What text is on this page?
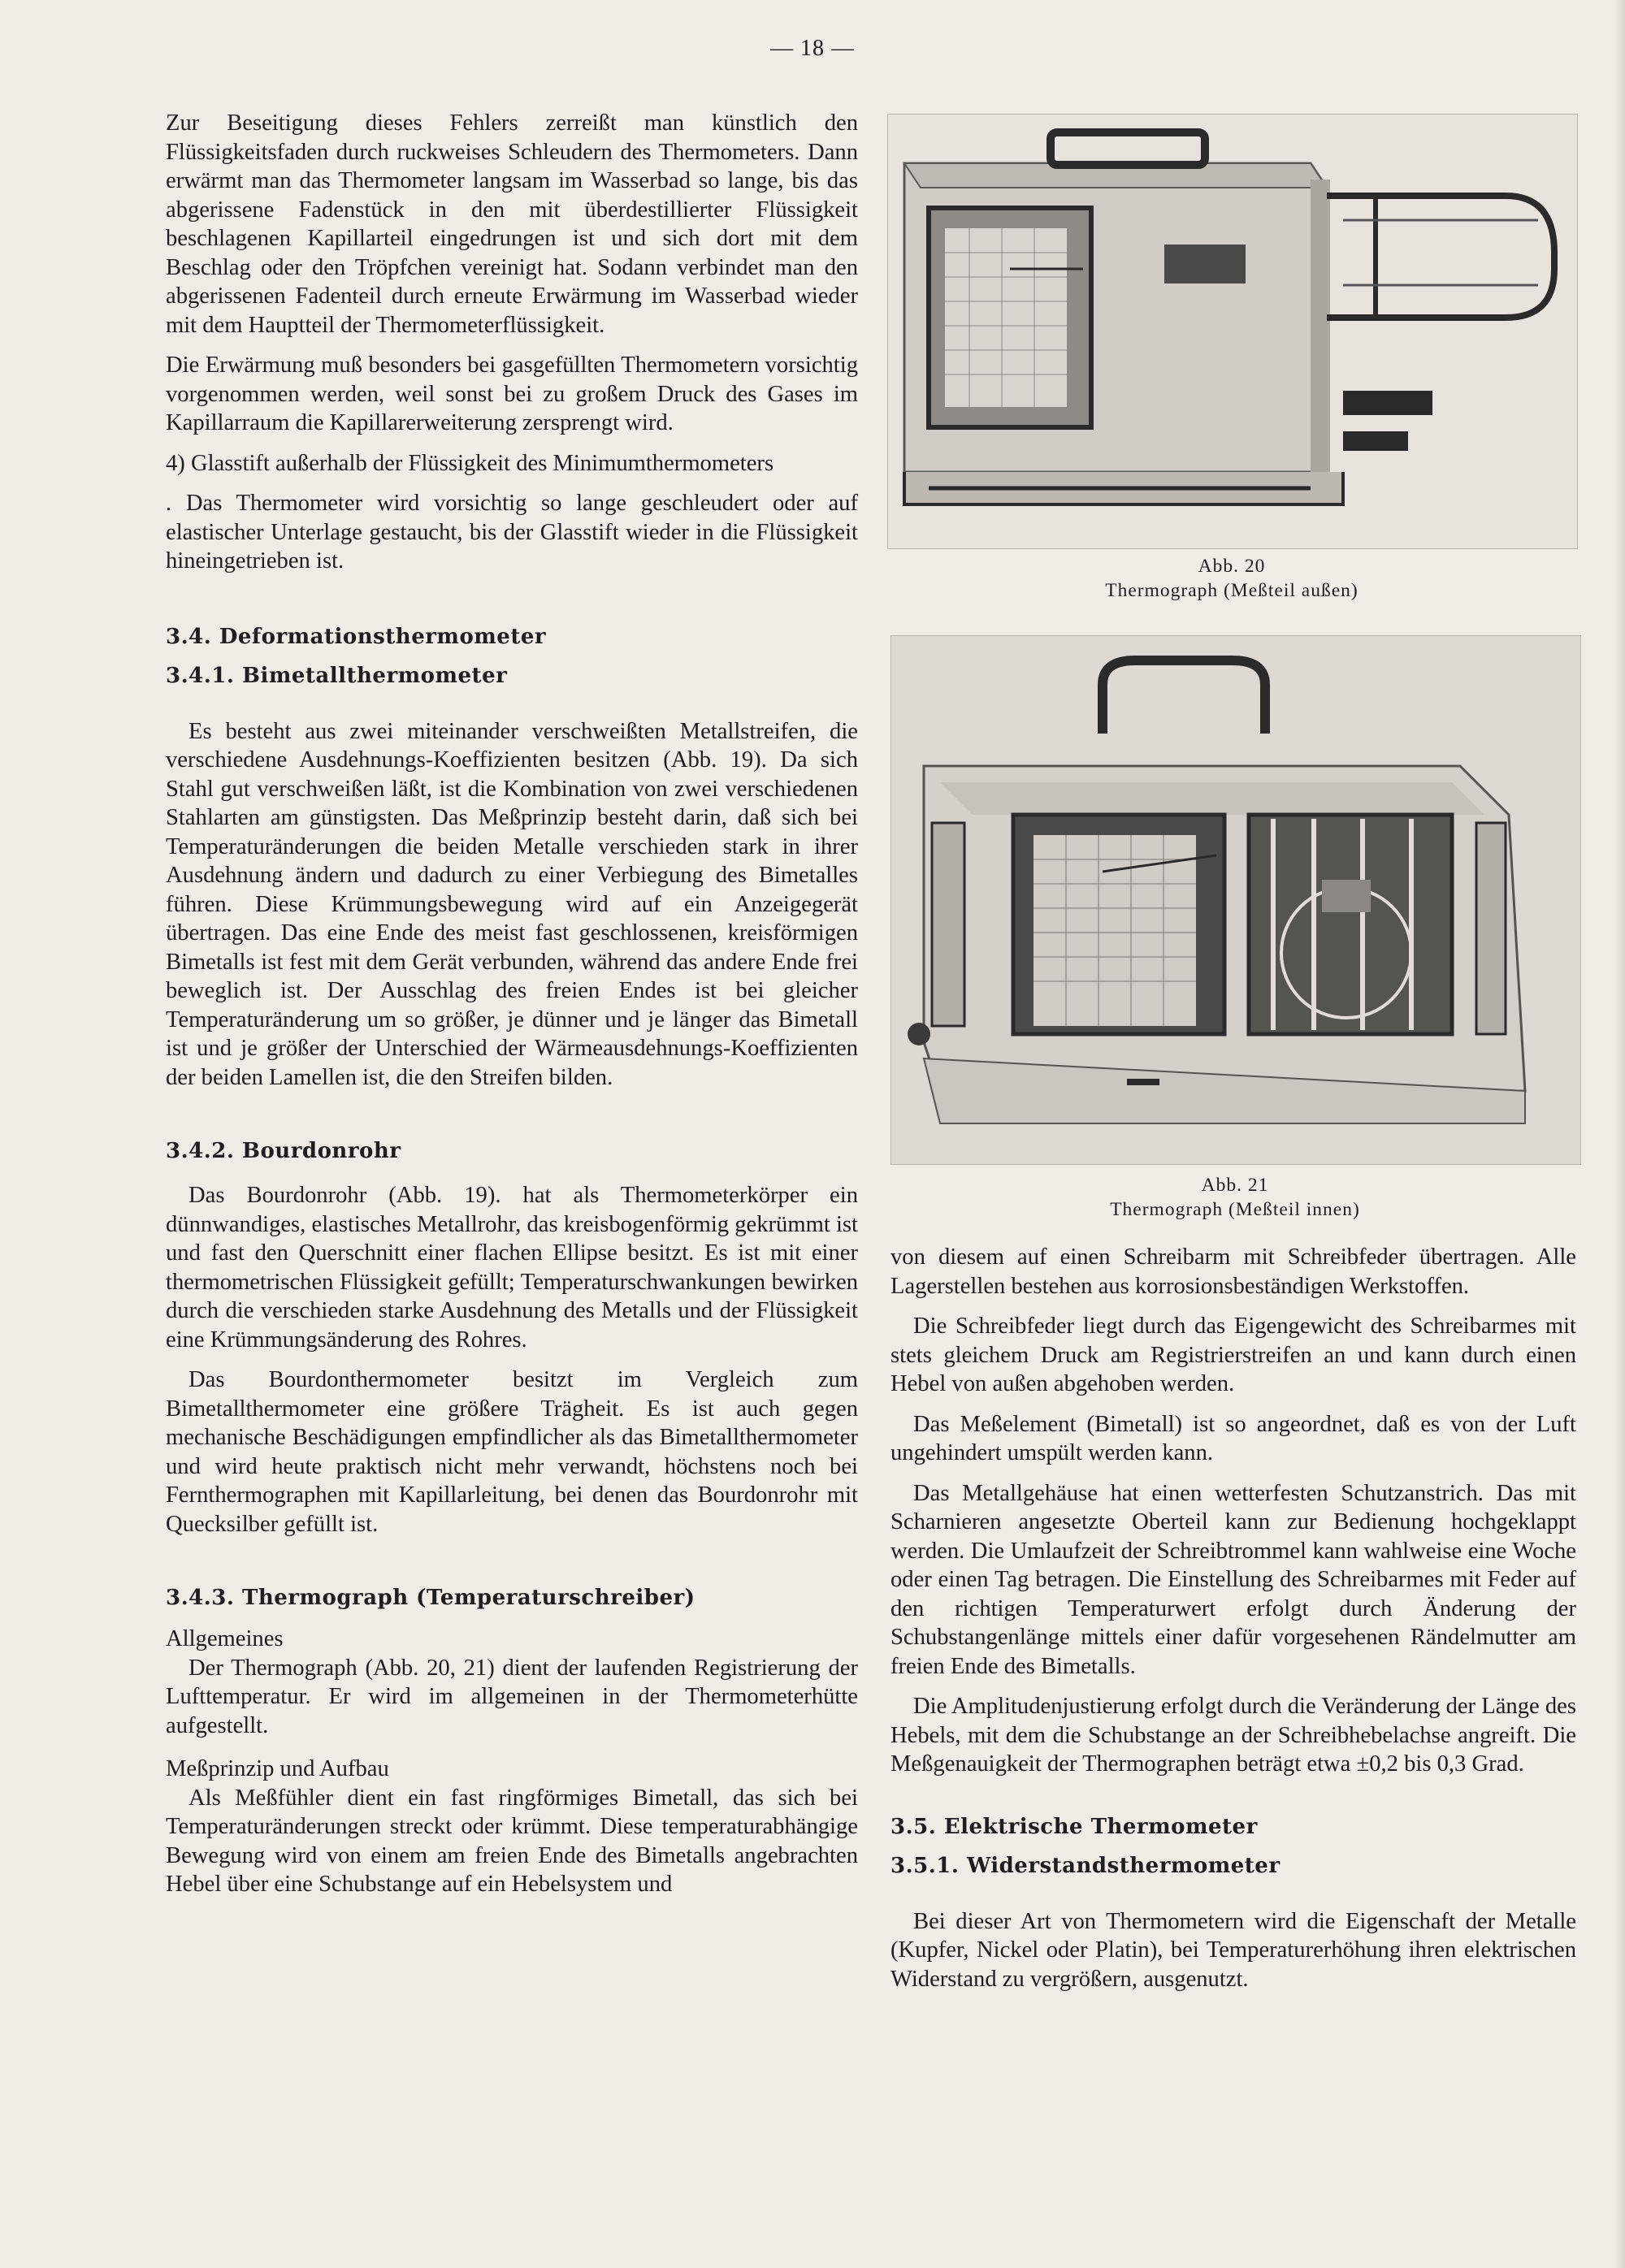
— 18 —

Zur Beseitigung dieses Fehlers zerreißt man künstlich den Flüssigkeitsfaden durch ruckweises Schleudern des Thermometers. Dann erwärmt man das Thermometer langsam im Wasserbad so lange, bis das abgerissene Fadenstück in den mit überdestillierter Flüssigkeit beschlagenen Kapillarteil eingedrungen ist und sich dort mit dem Beschlag oder den Tröpfchen vereinigt hat. Sodann verbindet man den abgerissenen Fadenteil durch erneute Erwärmung im Wasserbad wieder mit dem Hauptteil der Thermometerflüssigkeit.

Die Erwärmung muß besonders bei gasgefüllten Thermometern vorsichtig vorgenommen werden, weil sonst bei zu großem Druck des Gases im Kapillarraum die Kapillarerweiterung zersprengt wird.

4) Glasstift außerhalb der Flüssigkeit des Minimumthermometers

. Das Thermometer wird vorsichtig so lange geschleudert oder auf elastischer Unterlage gestaucht, bis der Glasstift wieder in die Flüssigkeit hineingetrieben ist.

3.4. Deformationsthermometer
3.4.1. Bimetallthermometer

Es besteht aus zwei miteinander verschweißten Metallstreifen, die verschiedene Ausdehnungs-Koeffizienten besitzen (Abb. 19). Da sich Stahl gut verschweißen läßt, ist die Kombination von zwei verschiedenen Stahlarten am günstigsten. Das Meßprinzip besteht darin, daß sich bei Temperaturänderungen die beiden Metalle verschieden stark in ihrer Ausdehnung ändern und dadurch zu einer Verbiegung des Bimetalles führen. Diese Krümmungsbewegung wird auf ein Anzeigegerät übertragen. Das eine Ende des meist fast geschlossenen, kreisförmigen Bimetalls ist fest mit dem Gerät verbunden, während das andere Ende frei beweglich ist. Der Ausschlag des freien Endes ist bei gleicher Temperaturänderung um so größer, je dünner und je länger das Bimetall ist und je größer der Unterschied der Wärmeausdehnungs-Koeffizienten der beiden Lamellen ist, die den Streifen bilden.

3.4.2. Bourdonrohr

Das Bourdonrohr (Abb. 19). hat als Thermometerkörper ein dünnwandiges, elastisches Metallrohr, das kreisbogenförmig gekrümmt ist und fast den Querschnitt einer flachen Ellipse besitzt. Es ist mit einer thermometrischen Flüssigkeit gefüllt; Temperaturschwankungen bewirken durch die verschieden starke Ausdehnung des Metalls und der Flüssigkeit eine Krümmungsänderung des Rohres.

Das Bourdonthermometer besitzt im Vergleich zum Bimetallthermometer eine größere Trägheit. Es ist auch gegen mechanische Beschädigungen empfindlicher als das Bimetallthermometer und wird heute praktisch nicht mehr verwandt, höchstens noch bei Fernthermographen mit Kapillarleitung, bei denen das Bourdonrohr mit Quecksilber gefüllt ist.

3.4.3. Thermograph (Temperaturschreiber)
Allgemeines

Der Thermograph (Abb. 20, 21) dient der laufenden Registrierung der Lufttemperatur. Er wird im allgemeinen in der Thermometerhütte aufgestellt.

Meßprinzip und Aufbau

Als Meßfühler dient ein fast ringförmiges Bimetall, das sich bei Temperaturänderungen streckt oder krümmt. Diese temperaturabhängige Bewegung wird von einem am freien Ende des Bimetalls angebrachten Hebel über eine Schubstange auf ein Hebelsystem und

Abb. 20
Thermograph (Meßteil außen)
Abb. 21
Thermograph (Meßteil innen)

von diesem auf einen Schreibarm mit Schreibfeder übertragen. Alle Lagerstellen bestehen aus korrosionsbeständigen Werkstoffen.

Die Schreibfeder liegt durch das Eigengewicht des Schreibarmes mit stets gleichem Druck am Registrierstreifen an und kann durch einen Hebel von außen abgehoben werden.

Das Meßelement (Bimetall) ist so angeordnet, daß es von der Luft ungehindert umspült werden kann.

Das Metallgehäuse hat einen wetterfesten Schutzanstrich. Das mit Scharnieren angesetzte Oberteil kann zur Bedienung hochgeklappt werden. Die Umlaufzeit der Schreibtrommel kann wahlweise eine Woche oder einen Tag betragen. Die Einstellung des Schreibarmes mit Feder auf den richtigen Temperaturwert erfolgt durch Änderung der Schubstangenlänge mittels einer dafür vorgesehenen Rändelmutter am freien Ende des Bimetalls.

Die Amplitudenjustierung erfolgt durch die Veränderung der Länge des Hebels, mit dem die Schubstange an der Schreibhebelachse angreift. Die Meßgenauigkeit der Thermographen beträgt etwa ±0,2 bis 0,3 Grad.

3.5. Elektrische Thermometer
3.5.1. Widerstandsthermometer

Bei dieser Art von Thermometern wird die Eigenschaft der Metalle (Kupfer, Nickel oder Platin), bei Temperaturerhöhung ihren elektrischen Widerstand zu vergrößern, ausgenutzt.
